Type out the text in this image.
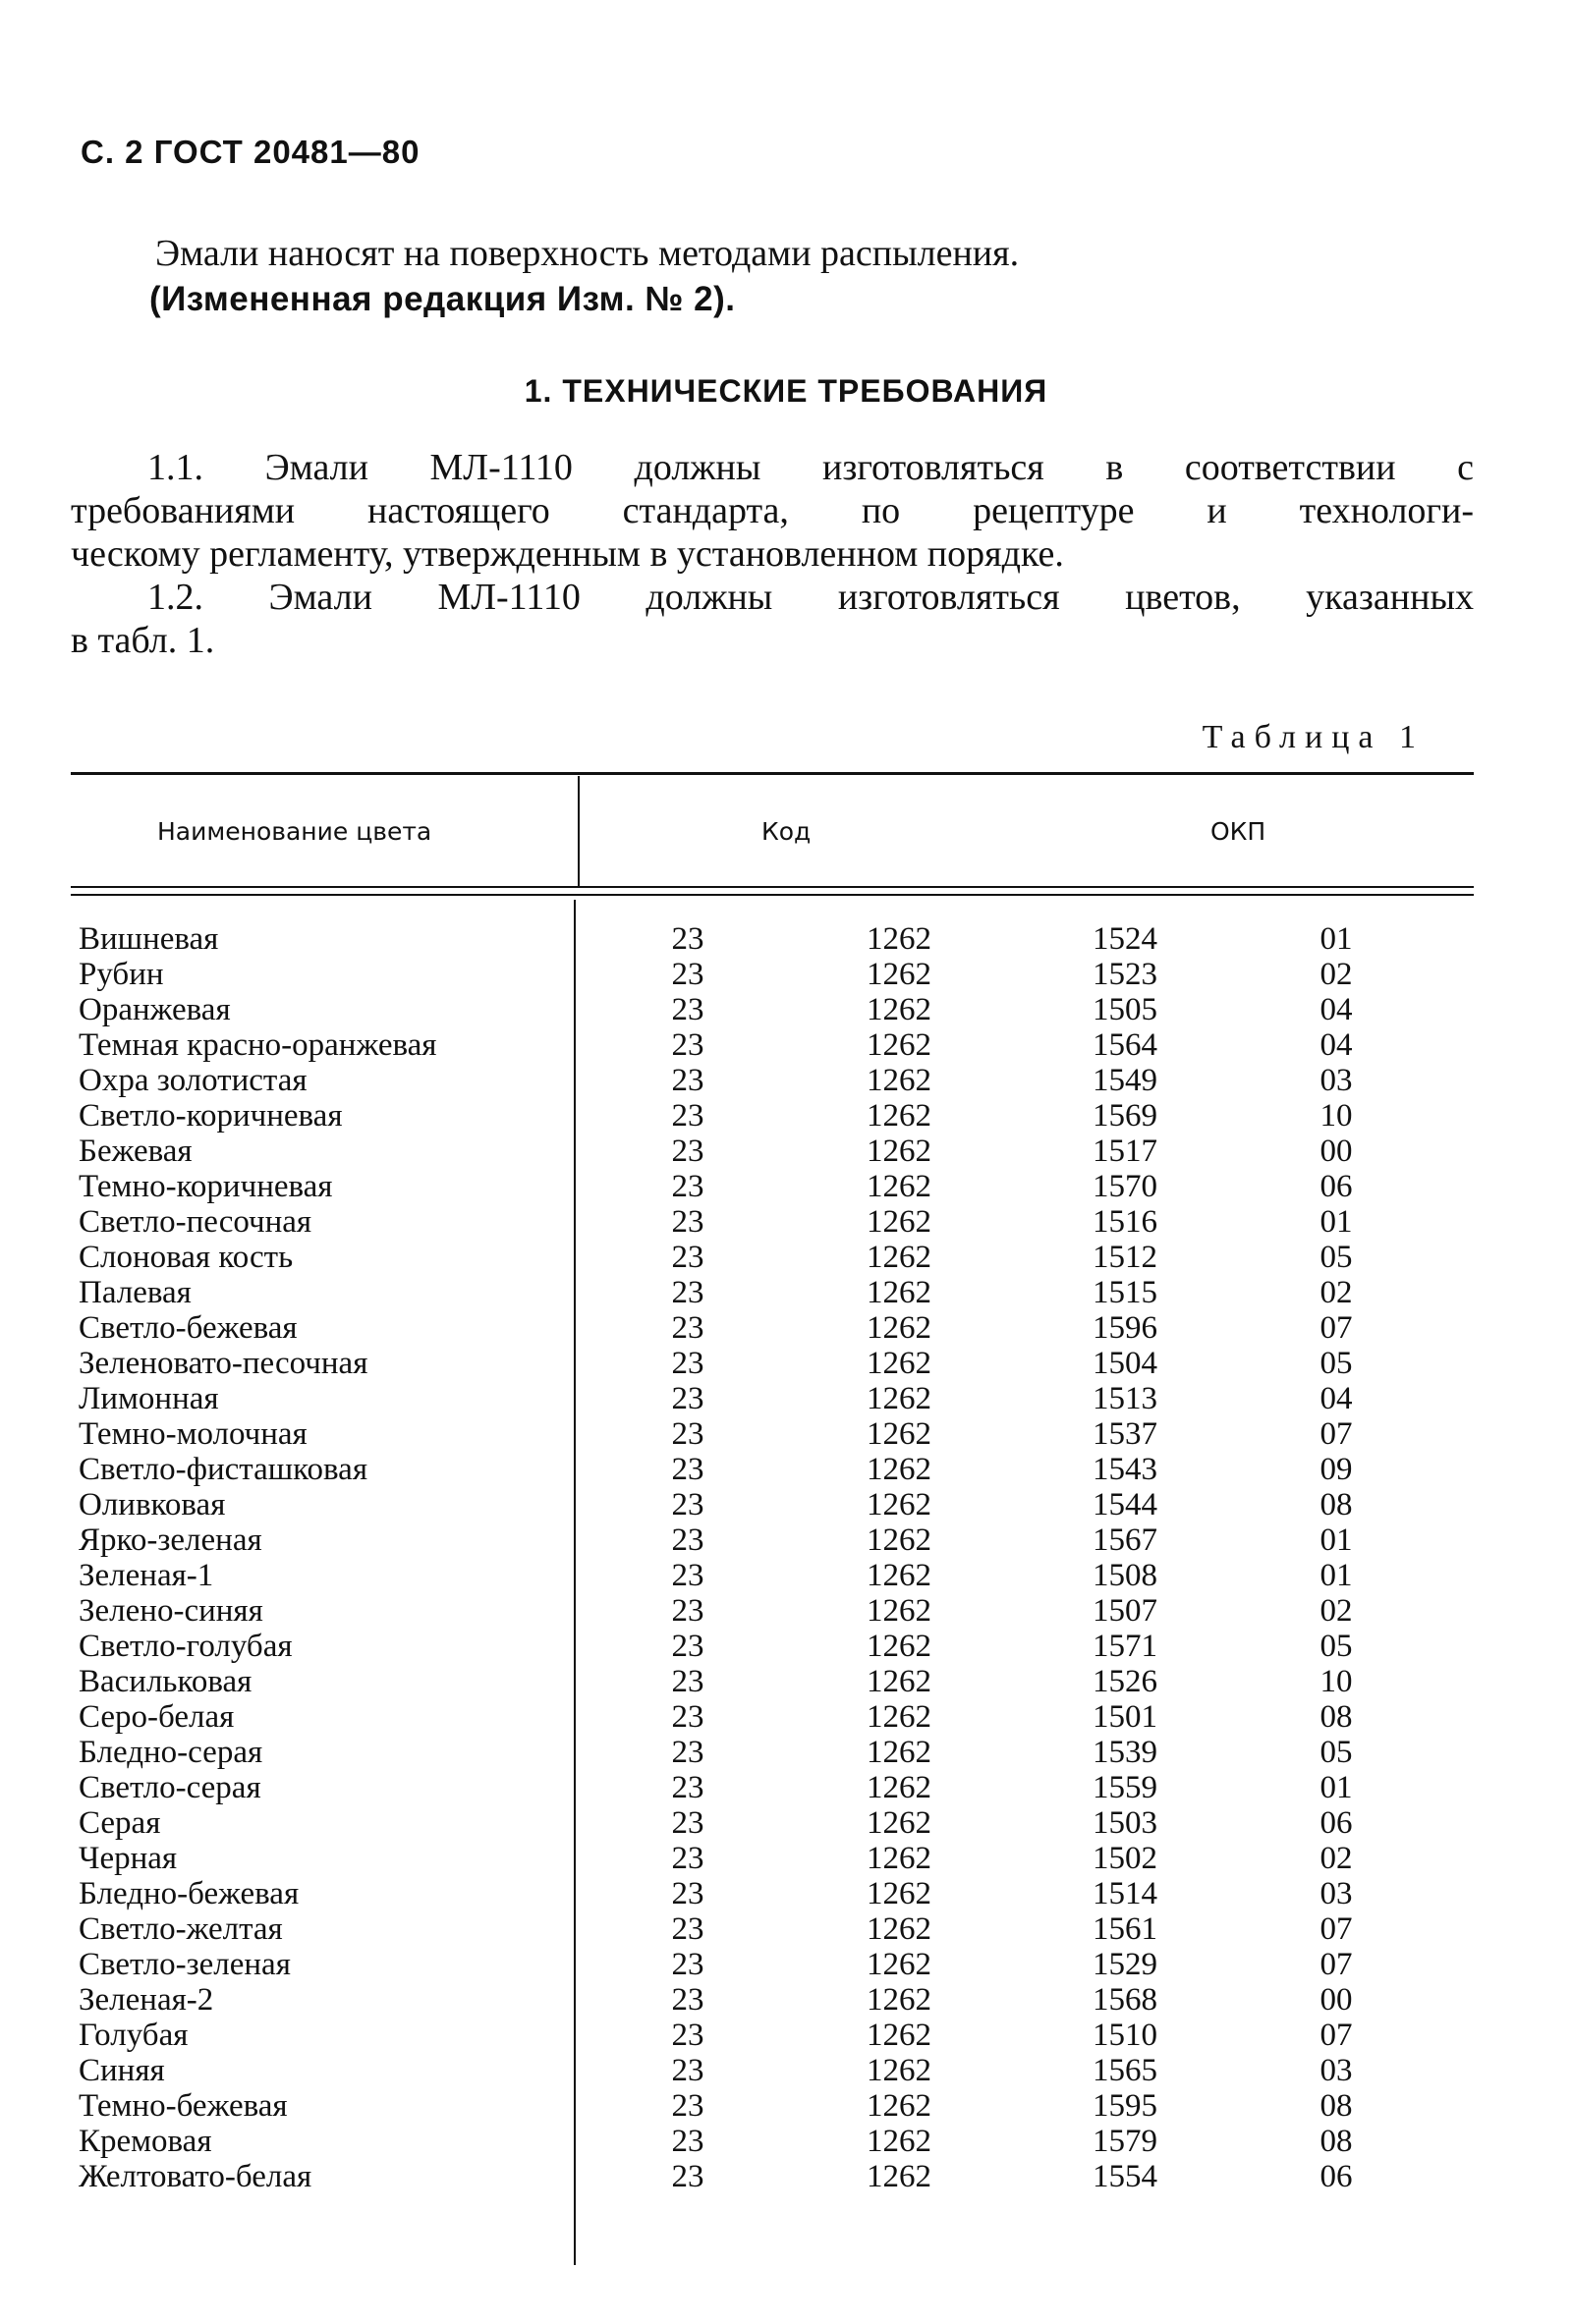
С. 2 ГОСТ 20481—80
Эмали наносят на поверхность методами распыления.
(Измененная редакция Изм. № 2).
1. ТЕХНИЧЕСКИЕ ТРЕБОВАНИЯ
1.1. Эмали МЛ-1110 должны изготовляться в соответствии с
требованиями настоящего стандарта, по рецептуре и технологи-
ческому регламенту, утвержденным в установленном порядке.
1.2. Эмали МЛ-1110 должны изготовляться цветов, указанных
в табл. 1.
Таблица 1
Наименование цвета	Код	ОКП
Вишневая	23	1262	1524	01
Рубин	23	1262	1523	02
Оранжевая	23	1262	1505	04
Темная красно-оранжевая	23	1262	1564	04
Охра золотистая	23	1262	1549	03
Светло-коричневая	23	1262	1569	10
Бежевая	23	1262	1517	00
Темно-коричневая	23	1262	1570	06
Светло-песочная	23	1262	1516	01
Слоновая кость	23	1262	1512	05
Палевая	23	1262	1515	02
Светло-бежевая	23	1262	1596	07
Зеленовато-песочная	23	1262	1504	05
Лимонная	23	1262	1513	04
Темно-молочная	23	1262	1537	07
Светло-фисташковая	23	1262	1543	09
Оливковая	23	1262	1544	08
Ярко-зеленая	23	1262	1567	01
Зеленая-1	23	1262	1508	01
Зелено-синяя	23	1262	1507	02
Светло-голубая	23	1262	1571	05
Васильковая	23	1262	1526	10
Серо-белая	23	1262	1501	08
Бледно-серая	23	1262	1539	05
Светло-серая	23	1262	1559	01
Серая	23	1262	1503	06
Черная	23	1262	1502	02
Бледно-бежевая	23	1262	1514	03
Светло-желтая	23	1262	1561	07
Светло-зеленая	23	1262	1529	07
Зеленая-2	23	1262	1568	00
Голубая	23	1262	1510	07
Синяя	23	1262	1565	03
Темно-бежевая	23	1262	1595	08
Кремовая	23	1262	1579	08
Желтовато-белая	23	1262	1554	06
